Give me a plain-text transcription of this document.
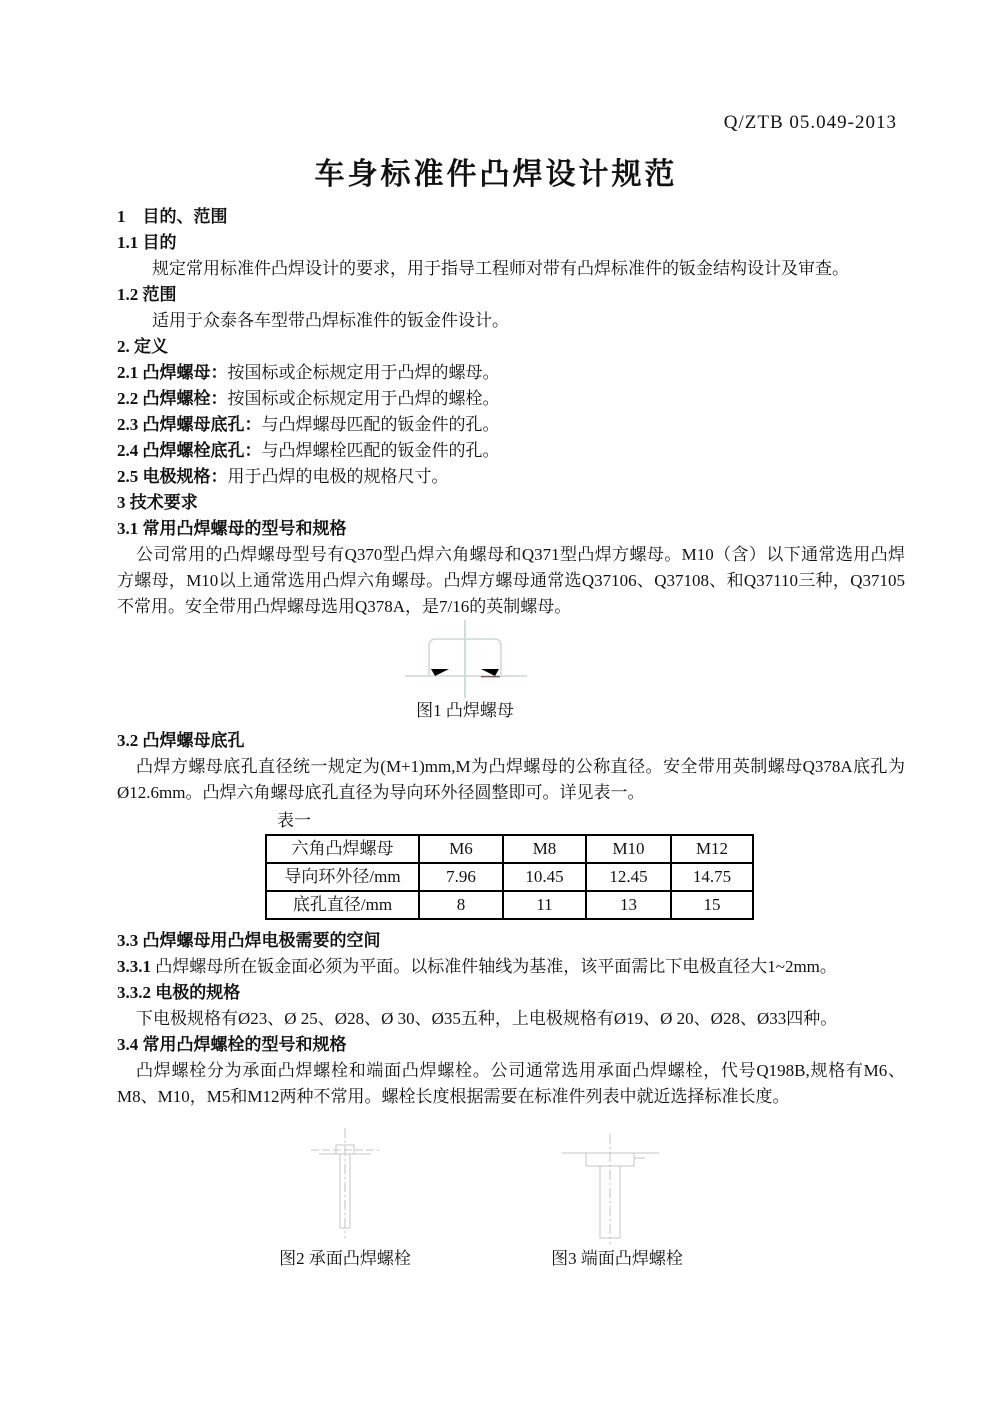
Q/ZTB 05.049-2013
车身标准件凸焊设计规范
1　目的、范围
1.1 目的
规定常用标准件凸焊设计的要求，用于指导工程师对带有凸焊标准件的钣金结构设计及审查。
1.2 范围
适用于众泰各车型带凸焊标准件的钣金件设计。
2. 定义
2.1 凸焊螺母：按国标或企标规定用于凸焊的螺母。
2.2 凸焊螺栓：按国标或企标规定用于凸焊的螺栓。
2.3 凸焊螺母底孔：与凸焊螺母匹配的钣金件的孔。
2.4 凸焊螺栓底孔：与凸焊螺栓匹配的钣金件的孔。
2.5 电极规格：用于凸焊的电极的规格尺寸。
3 技术要求
3.1 常用凸焊螺母的型号和规格
公司常用的凸焊螺母型号有Q370型凸焊六角螺母和Q371型凸焊方螺母。M10（含）以下通常选用凸焊方螺母，M10以上通常选用凸焊六角螺母。凸焊方螺母通常选Q37106、Q37108、和Q37110三种，Q37105不常用。安全带用凸焊螺母选用Q378A，是7/16的英制螺母。
图1 凸焊螺母
3.2 凸焊螺母底孔
凸焊方螺母底孔直径统一规定为(M+1)mm,M为凸焊螺母的公称直径。安全带用英制螺母Q378A底孔为Ø12.6mm。凸焊六角螺母底孔直径为导向环外径圆整即可。详见表一。
表一
六角凸焊螺母	M6	M8	M10	M12
导向环外径/mm	7.96	10.45	12.45	14.75
底孔直径/mm	8	11	13	15
3.3 凸焊螺母用凸焊电极需要的空间
3.3.1 凸焊螺母所在钣金面必须为平面。以标准件轴线为基准，该平面需比下电极直径大1~2mm。
3.3.2 电极的规格
下电极规格有Ø23、Ø 25、Ø28、Ø 30、Ø35五种，上电极规格有Ø19、Ø 20、Ø28、Ø33四种。
3.4 常用凸焊螺栓的型号和规格
凸焊螺栓分为承面凸焊螺栓和端面凸焊螺栓。公司通常选用承面凸焊螺栓，代号Q198B,规格有M6、M8、M10，M5和M12两种不常用。螺栓长度根据需要在标准件列表中就近选择标准长度。
图2 承面凸焊螺栓	图3 端面凸焊螺栓
